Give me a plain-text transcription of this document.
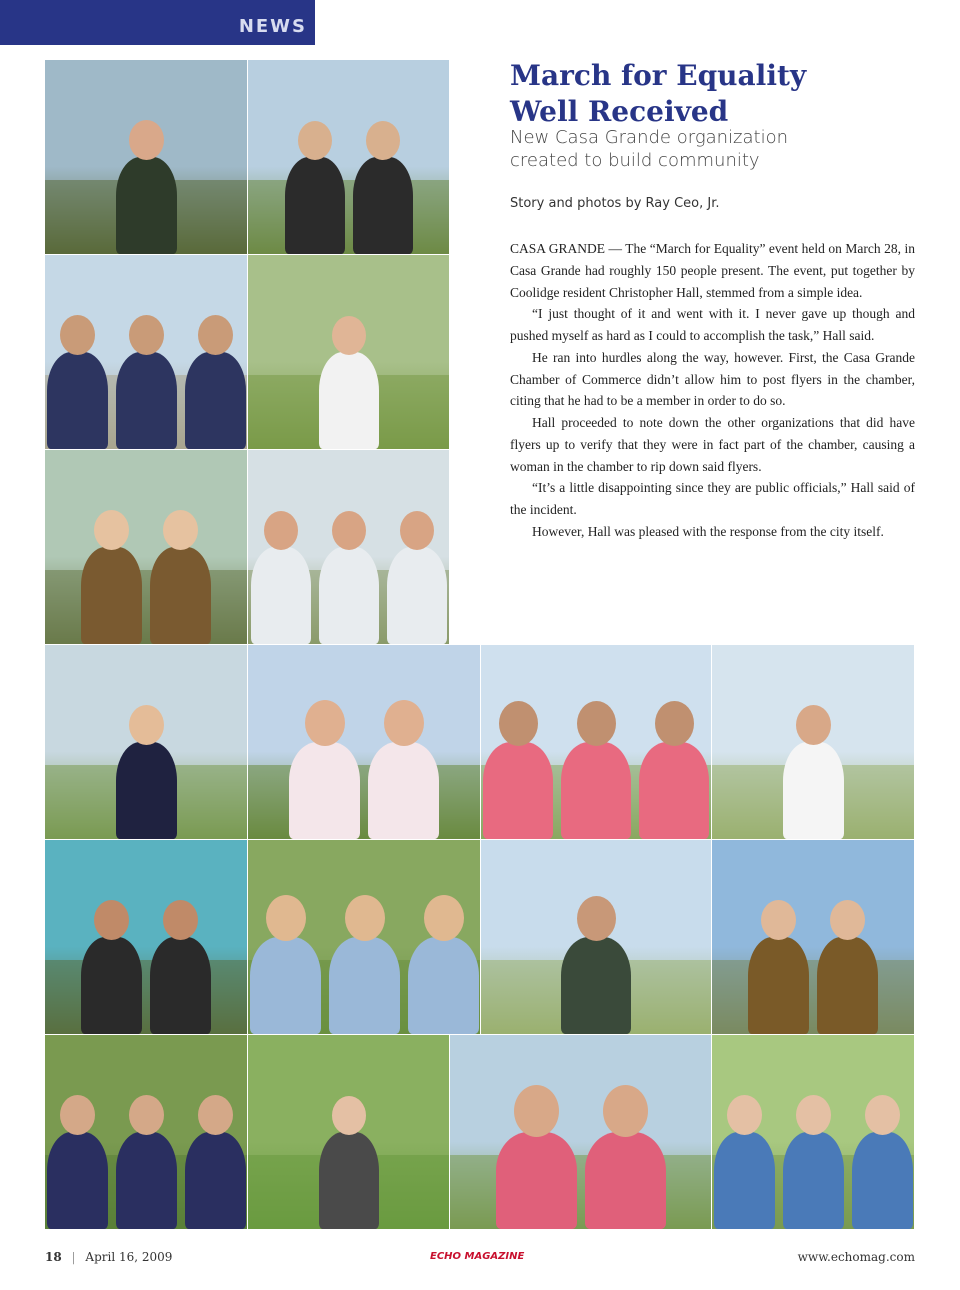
NEWS
March for Equality
Well Received
New Casa Grande organization
created to build community
Story and photos by Ray Ceo, Jr.

CASA GRANDE — The “March for Equality” event held on March 28, in Casa Grande had roughly 150 people present. The event, put together by Coolidge resident Christopher Hall, stemmed from a simple idea.

“I just thought of it and went with it. I never gave up though and pushed myself as hard as I could to accomplish the task,” Hall said.

He ran into hurdles along the way, however. First, the Casa Grande Chamber of Commerce didn’t allow him to post flyers in the chamber, citing that he had to be a member in order to do so.

Hall proceeded to note down the other organizations that did have flyers up to verify that they were in fact part of the chamber, causing a woman in the chamber to rip down said flyers.

“It’s a little disappointing since they are public officials,” Hall said of the incident.

However, Hall was pleased with the response from the city itself.

18 | April 16, 2009	ECHO MAGAZINE	www.echomag.com
